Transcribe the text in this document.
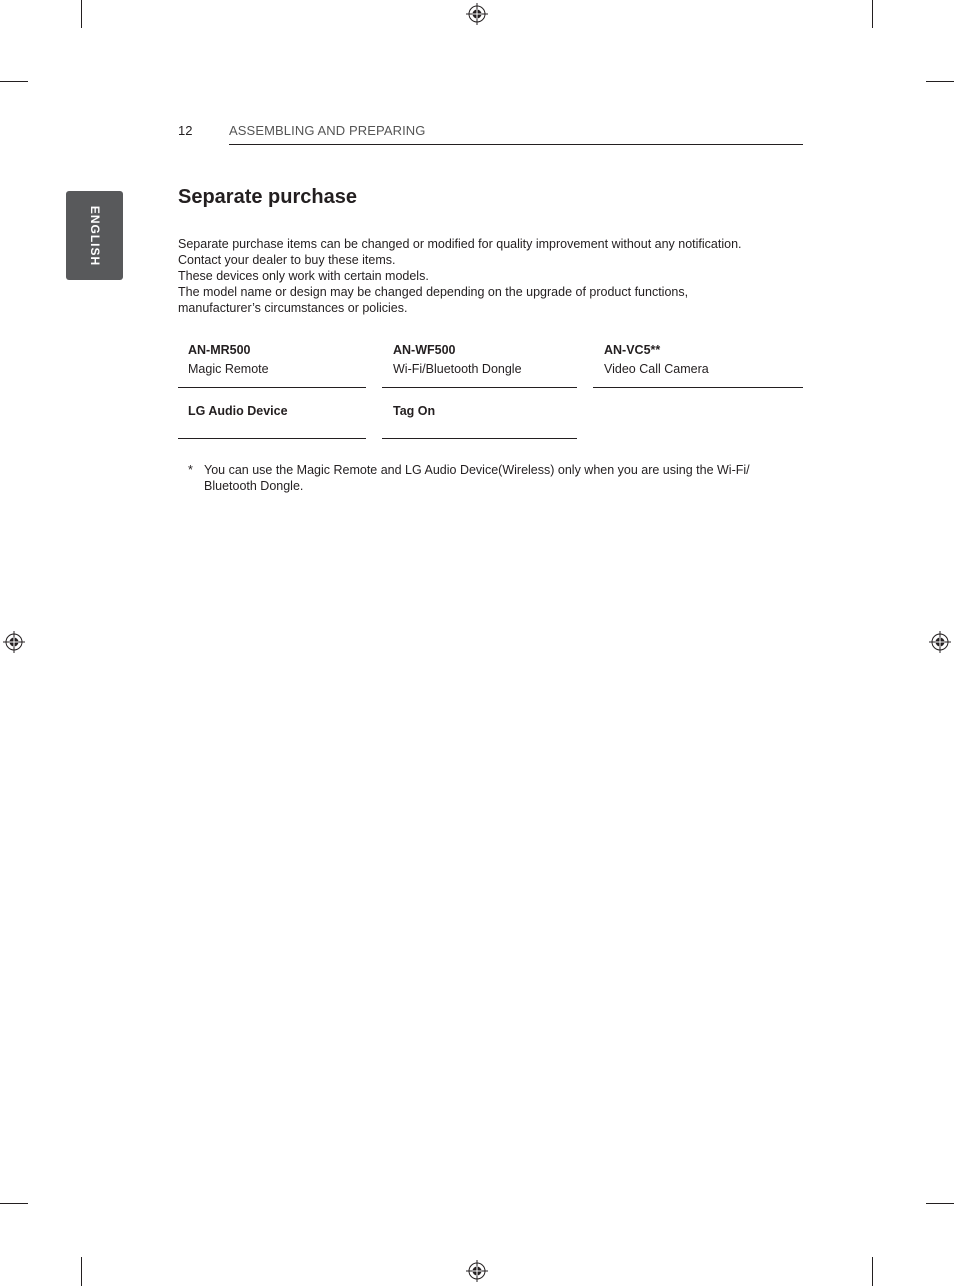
12	ASSEMBLING AND PREPARING
ENGLISH
Separate purchase
Separate purchase items can be changed or modified for quality improvement without any notification.
Contact your dealer to buy these items.
These devices only work with certain models.
The model name or design may be changed depending on the upgrade of product functions,
manufacturer’s circumstances or policies.
AN-MR500
Magic Remote
AN-WF500
Wi-Fi/Bluetooth Dongle
AN-VC5**
Video Call Camera
LG Audio Device	Tag On
* You can use the Magic Remote and LG Audio Device(Wireless) only when you are using the Wi-Fi/ Bluetooth Dongle.
